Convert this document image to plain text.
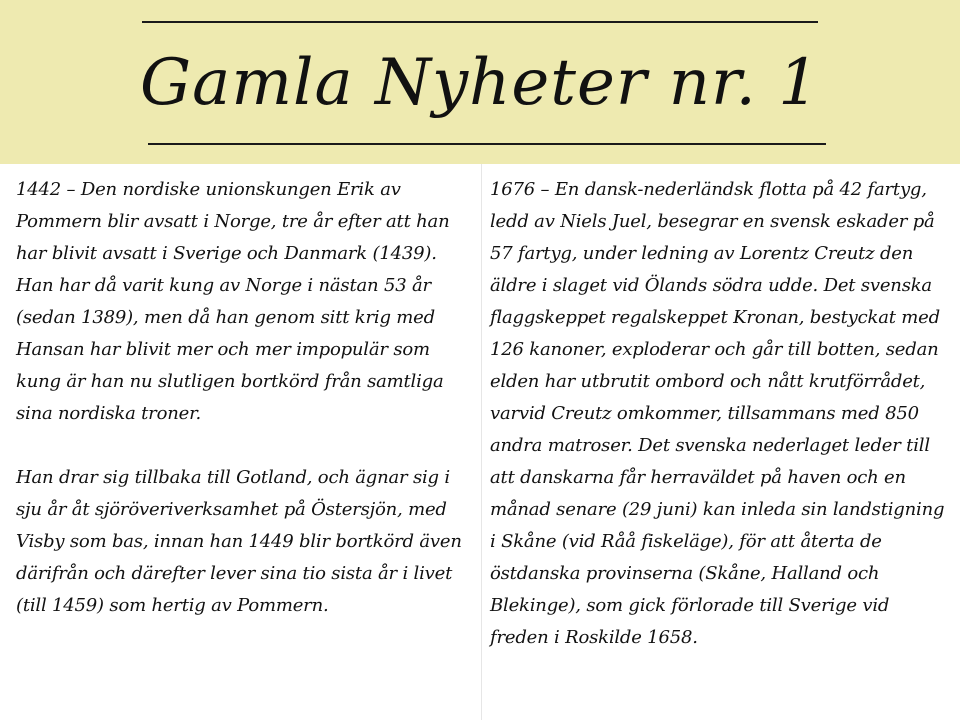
Gamla Nyheter nr. 1

1442 – Den nordiske unionskungen Erik av Pommern blir avsatt i Norge, tre år efter att han har blivit avsatt i Sverige och Danmark (1439). Han har då varit kung av Norge i nästan 53 år (sedan 1389), men då han genom sitt krig med Hansan har blivit mer och mer impopulär som kung är han nu slutligen bortkörd från samtliga sina nordiska troner.

Han drar sig tillbaka till Gotland, och ägnar sig i sju år åt sjöröveriverksamhet på Östersjön, med Visby som bas, innan han 1449 blir bortkörd även därifrån och därefter lever sina tio sista år i livet (till 1459) som hertig av Pommern.

1676 – En dansk-nederländsk flotta på 42 fartyg, ledd av Niels Juel, besegrar en svensk eskader på 57 fartyg, under ledning av Lorentz Creutz den äldre i slaget vid Ölands södra udde. Det svenska flaggskeppet regalskeppet Kronan, bestyckat med 126 kanoner, exploderar och går till botten, sedan elden har utbrutit ombord och nått krutförrådet, varvid Creutz omkommer, tillsammans med 850 andra matroser. Det svenska nederlaget leder till att danskarna får herraväldet på haven och en månad senare (29 juni) kan inleda sin landstigning i Skåne (vid Råå fiskeläge), för att återta de östdanska provinserna (Skåne, Halland och Blekinge), som gick förlorade till Sverige vid freden i Roskilde 1658.
